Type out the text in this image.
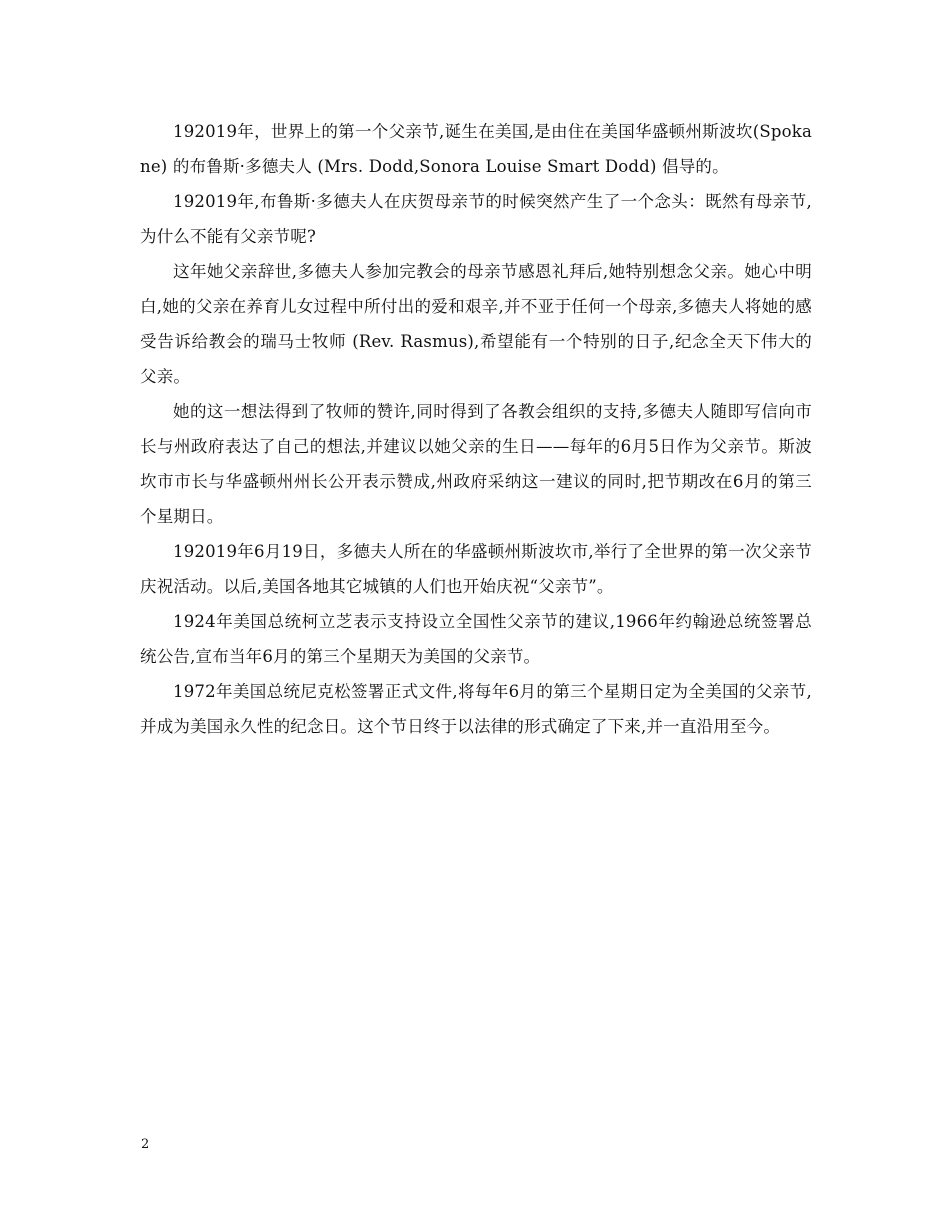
192019年，世界上的第一个父亲节,诞生在美国,是由住在美国华盛顿州斯波坎(Spokane) 的布鲁斯·多德夫人 (Mrs. Dodd,Sonora Louise Smart Dodd) 倡导的。

192019年,布鲁斯·多德夫人在庆贺母亲节的时候突然产生了一个念头：既然有母亲节,为什么不能有父亲节呢?

这年她父亲辞世,多德夫人参加完教会的母亲节感恩礼拜后,她特别想念父亲。她心中明白,她的父亲在养育儿女过程中所付出的爱和艰辛,并不亚于任何一个母亲,多德夫人将她的感受告诉给教会的瑞马士牧师 (Rev. Rasmus),希望能有一个特别的日子,纪念全天下伟大的父亲。

她的这一想法得到了牧师的赞许,同时得到了各教会组织的支持,多德夫人随即写信向市长与州政府表达了自己的想法,并建议以她父亲的生日——每年的6月5日作为父亲节。斯波坎市市长与华盛顿州州长公开表示赞成,州政府采纳这一建议的同时,把节期改在6月的第三个星期日。

192019年6月19日，多德夫人所在的华盛顿州斯波坎市,举行了全世界的第一次父亲节庆祝活动。以后,美国各地其它城镇的人们也开始庆祝“父亲节”。

1924年美国总统柯立芝表示支持设立全国性父亲节的建议,1966年约翰逊总统签署总统公告,宣布当年6月的第三个星期天为美国的父亲节。

1972年美国总统尼克松签署正式文件,将每年6月的第三个星期日定为全美国的父亲节,并成为美国永久性的纪念日。这个节日终于以法律的形式确定了下来,并一直沿用至今。

2
